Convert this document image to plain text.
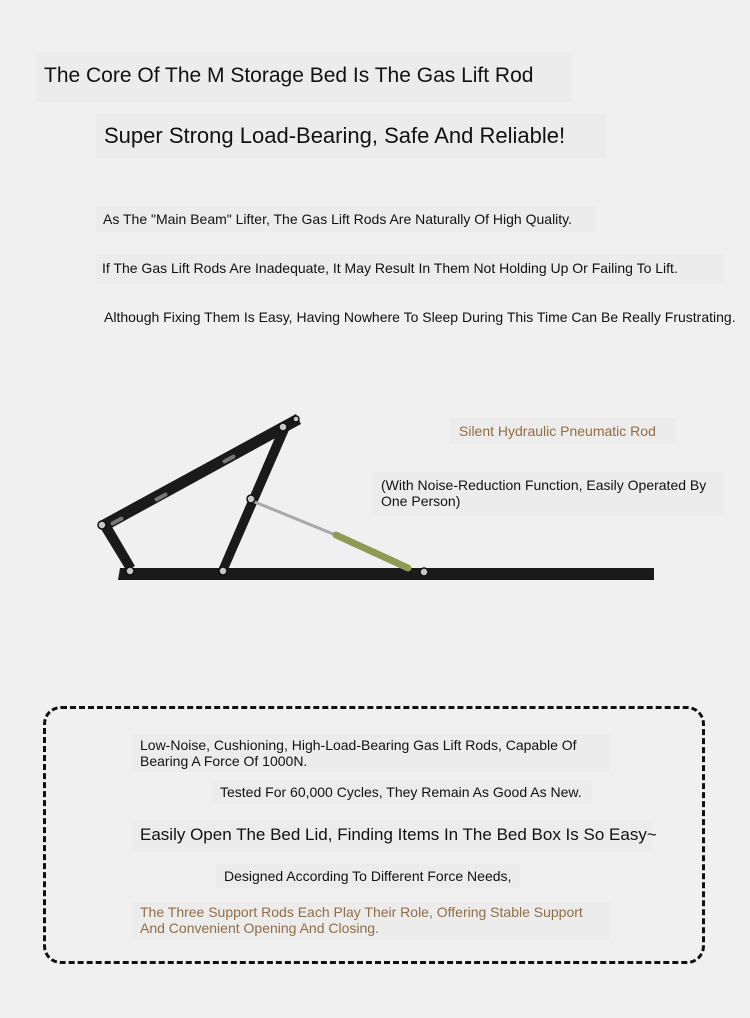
The Core Of The M Storage Bed Is The Gas Lift Rod
Super Strong Load-Bearing, Safe And Reliable!
As The "Main Beam" Lifter, The Gas Lift Rods Are Naturally Of High Quality.
If The Gas Lift Rods Are Inadequate, It May Result In Them Not Holding Up Or Failing To Lift.
Although Fixing Them Is Easy, Having Nowhere To Sleep During This Time Can Be Really Frustrating.
Silent Hydraulic Pneumatic Rod
(With Noise-Reduction Function, Easily Operated By One Person)
Low-Noise, Cushioning, High-Load-Bearing Gas Lift Rods, Capable Of Bearing A Force Of 1000N.
Tested For 60,000 Cycles, They Remain As Good As New.
Easily Open The Bed Lid, Finding Items In The Bed Box Is So Easy~
Designed According To Different Force Needs,
The Three Support Rods Each Play Their Role, Offering Stable Support And Convenient Opening And Closing.
